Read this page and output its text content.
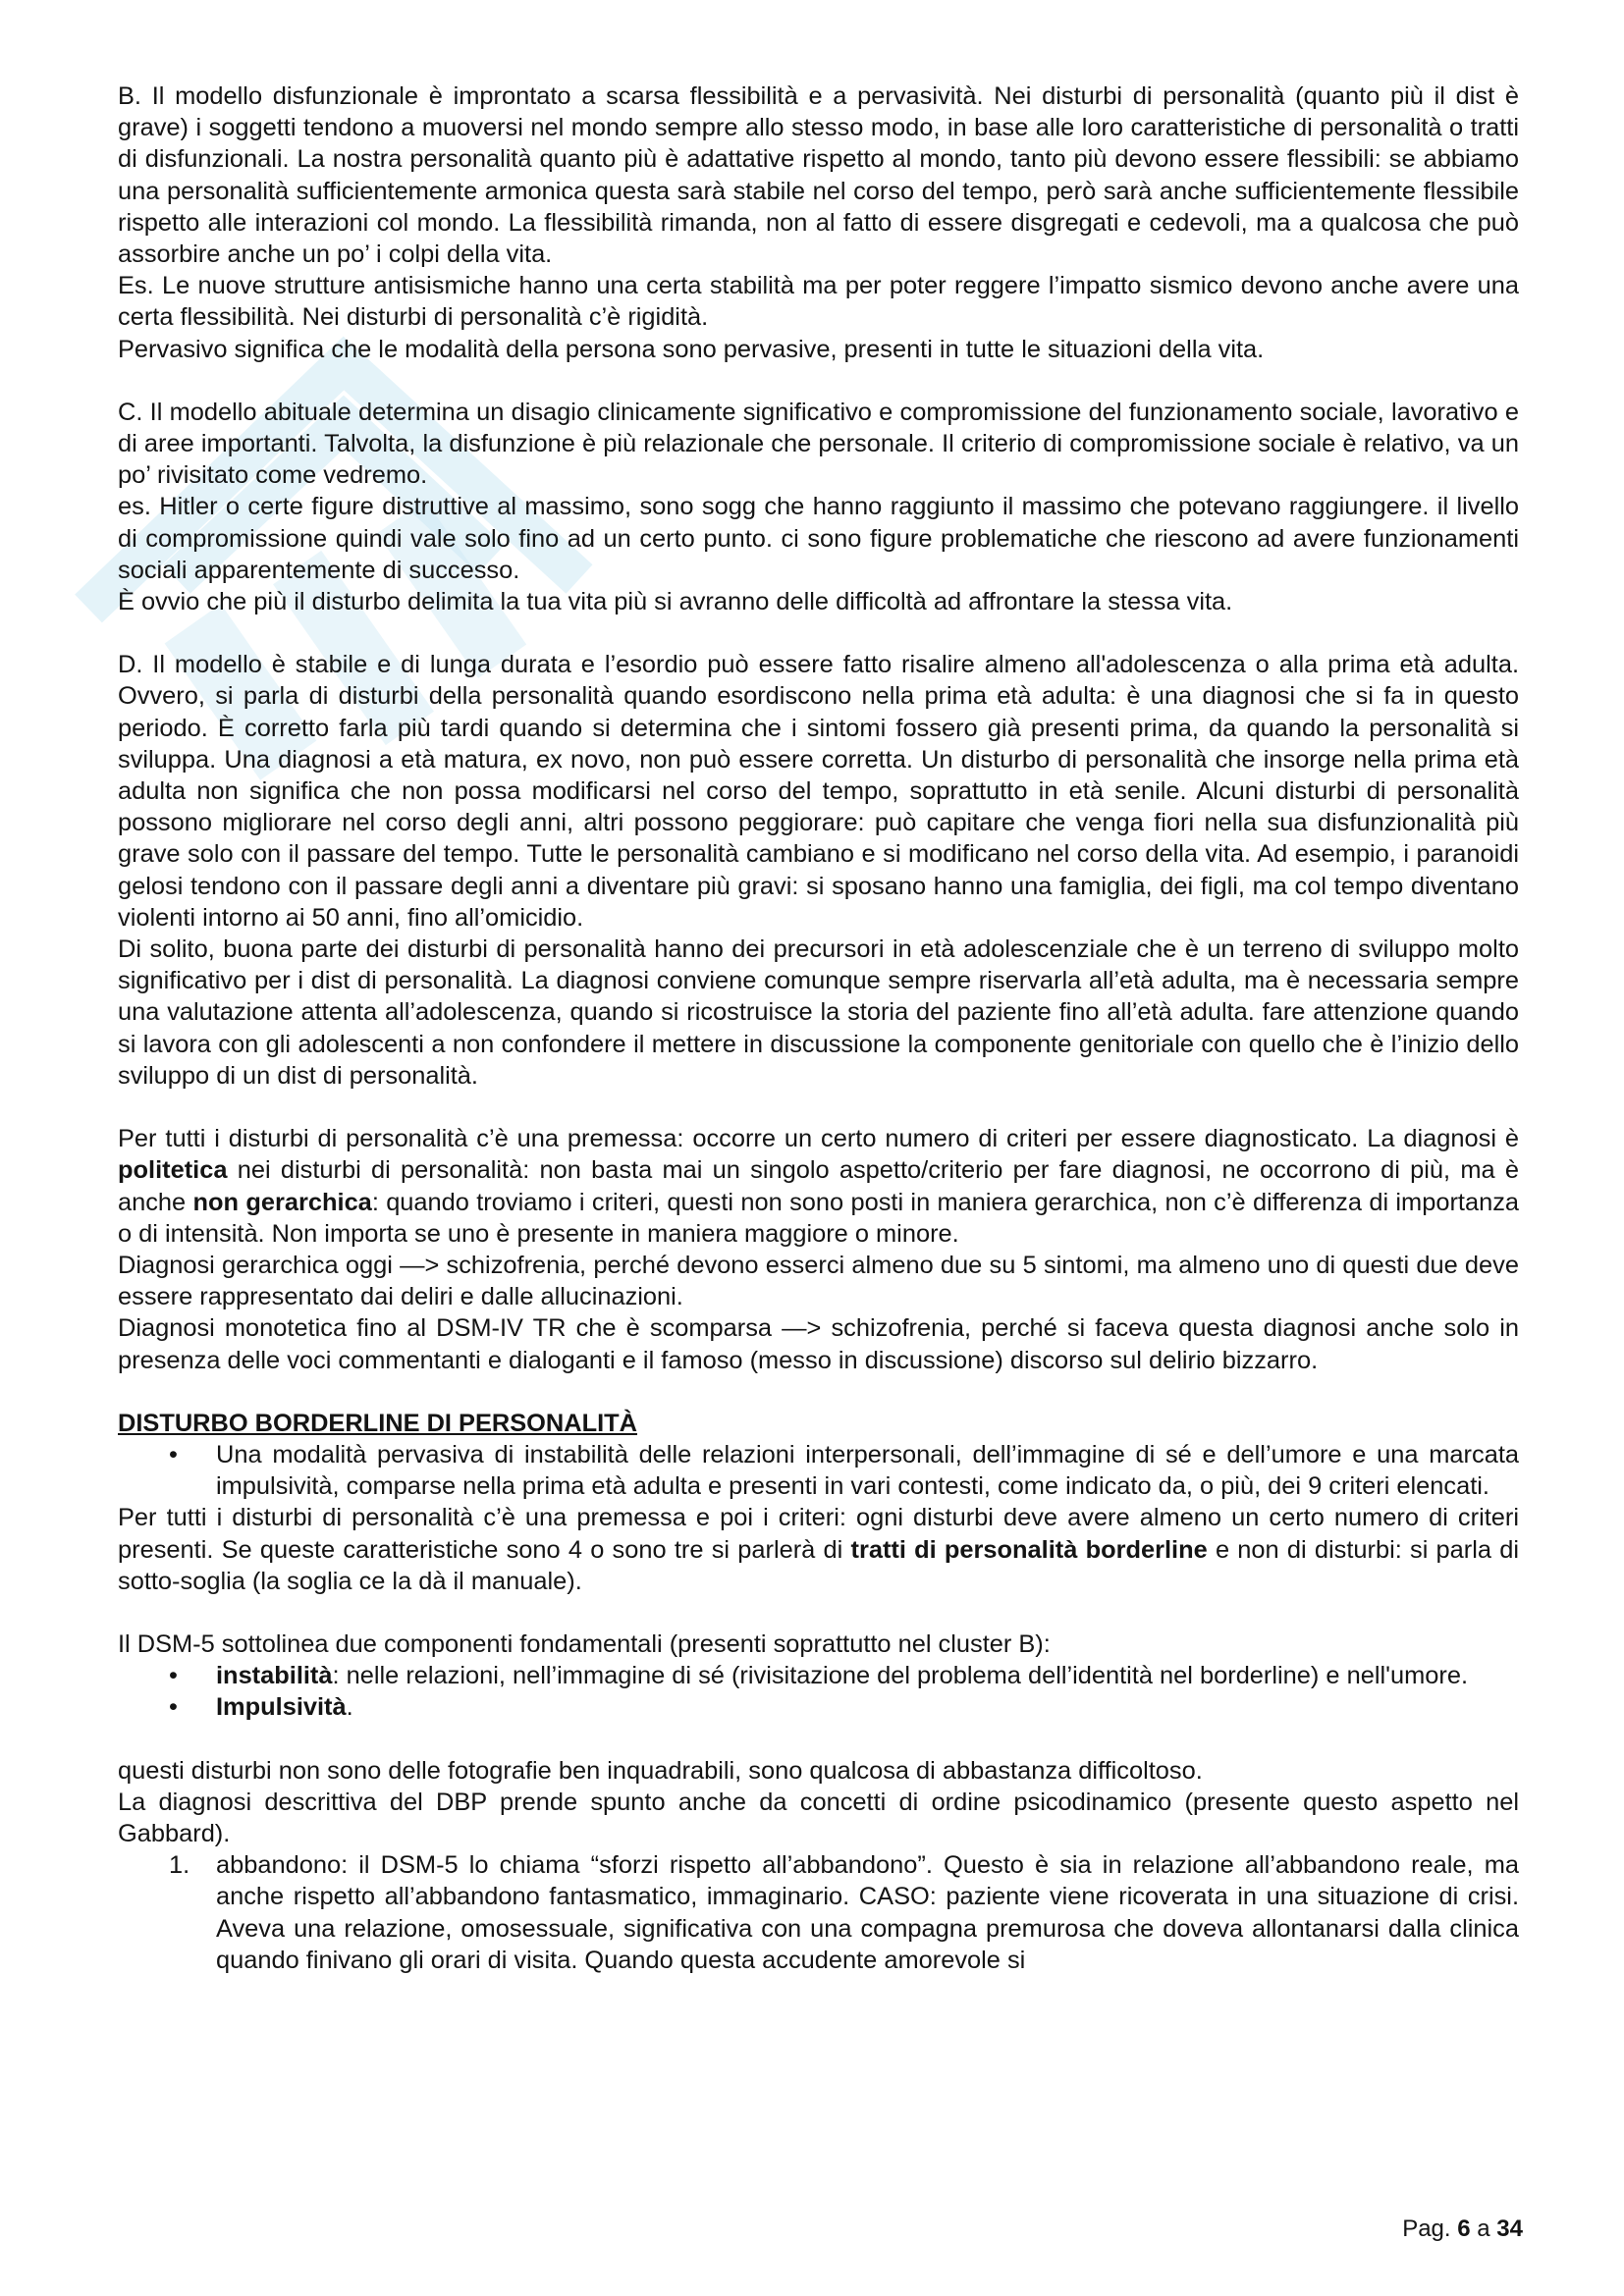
B. Il modello disfunzionale è improntato a scarsa flessibilità e a pervasività. Nei disturbi di personalità (quanto più il dist è grave) i soggetti tendono a muoversi nel mondo sempre allo stesso modo, in base alle loro caratteristiche di personalità o tratti di disfunzionali. La nostra personalità quanto più è adattative rispetto al mondo, tanto più devono essere flessibili: se abbiamo una personalità sufficientemente armonica questa sarà stabile nel corso del tempo, però sarà anche sufficientemente flessibile rispetto alle interazioni col mondo. La flessibilità rimanda, non al fatto di essere disgregati e cedevoli, ma a qualcosa che può assorbire anche un po’ i colpi della vita.

Es. Le nuove strutture antisismiche hanno una certa stabilità ma per poter reggere l’impatto sismico devono anche avere una certa flessibilità. Nei disturbi di personalità c’è rigidità.

Pervasivo significa che le modalità della persona sono pervasive, presenti in tutte le situazioni della vita.

C. Il modello abituale determina un disagio clinicamente significativo e compromissione del funzionamento sociale, lavorativo e di aree importanti. Talvolta, la disfunzione è più relazionale che personale. Il criterio di compromissione sociale è relativo, va un po’ rivisitato come vedremo.

es. Hitler o certe figure distruttive al massimo, sono sogg che hanno raggiunto il massimo che potevano raggiungere. il livello di compromissione quindi vale solo fino ad un certo punto. ci sono figure problematiche che riescono ad avere funzionamenti sociali apparentemente di successo.

È ovvio che più il disturbo delimita la tua vita più si avranno delle difficoltà ad affrontare la stessa vita.

D. Il modello è stabile e di lunga durata e l’esordio può essere fatto risalire almeno all'adolescenza o alla prima età adulta. Ovvero, si parla di disturbi della personalità quando esordiscono nella prima età adulta: è una diagnosi che si fa in questo periodo. È corretto farla più tardi quando si determina che i sintomi fossero già presenti prima, da quando la personalità si sviluppa. Una diagnosi a età matura, ex novo, non può essere corretta. Un disturbo di personalità che insorge nella prima età adulta non significa che non possa modificarsi nel corso del tempo, soprattutto in età senile. Alcuni disturbi di personalità possono migliorare nel corso degli anni, altri possono peggiorare: può capitare che venga fiori nella sua disfunzionalità più grave solo con il passare del tempo. Tutte le personalità cambiano e si modificano nel corso della vita. Ad esempio, i paranoidi gelosi tendono con il passare degli anni a diventare più gravi: si sposano hanno una famiglia, dei figli, ma col tempo diventano violenti intorno ai 50 anni, fino all’omicidio.

Di solito, buona parte dei disturbi di personalità hanno dei precursori in età adolescenziale che è un terreno di sviluppo molto significativo per i dist di personalità. La diagnosi conviene comunque sempre riservarla all’età adulta, ma è necessaria sempre una valutazione attenta all’adolescenza, quando si ricostruisce la storia del paziente fino all’età adulta. fare attenzione quando si lavora con gli adolescenti a non confondere il mettere in discussione la componente genitoriale con quello che è l’inizio dello sviluppo di un dist di personalità.

Per tutti i disturbi di personalità c’è una premessa: occorre un certo numero di criteri per essere diagnosticato. La diagnosi è politetica nei disturbi di personalità: non basta mai un singolo aspetto/criterio per fare diagnosi, ne occorrono di più, ma è anche non gerarchica: quando troviamo i criteri, questi non sono posti in maniera gerarchica, non c’è differenza di importanza o di intensità. Non importa se uno è presente in maniera maggiore o minore.

Diagnosi gerarchica oggi —> schizofrenia, perché devono esserci almeno due su 5 sintomi, ma almeno uno di questi due deve essere rappresentato dai deliri e dalle allucinazioni.

Diagnosi monotetica fino al DSM-IV TR che è scomparsa —> schizofrenia, perché si faceva questa diagnosi anche solo in presenza delle voci commentanti e dialoganti e il famoso (messo in discussione) discorso sul delirio bizzarro.

DISTURBO BORDERLINE DI PERSONALITÀ

• Una modalità pervasiva di instabilità delle relazioni interpersonali, dell’immagine di sé e dell’umore e una marcata impulsività, comparse nella prima età adulta e presenti in vari contesti, come indicato da, o più, dei 9 criteri elencati.

Per tutti i disturbi di personalità c’è una premessa e poi i criteri: ogni disturbi deve avere almeno un certo numero di criteri presenti. Se queste caratteristiche sono 4 o sono tre si parlerà di tratti di personalità borderline e non di disturbi: si parla di sotto-soglia (la soglia ce la dà il manuale).

Il DSM-5 sottolinea due componenti fondamentali (presenti soprattutto nel cluster B):

• instabilità: nelle relazioni, nell’immagine di sé (rivisitazione del problema dell’identità nel borderline) e nell'umore.
• Impulsività.

questi disturbi non sono delle fotografie ben inquadrabili, sono qualcosa di abbastanza difficoltoso.

La diagnosi descrittiva del DBP prende spunto anche da concetti di ordine psicodinamico (presente questo aspetto nel Gabbard).

1. abbandono: il DSM-5 lo chiama “sforzi rispetto all’abbandono”. Questo è sia in relazione all’abbandono reale, ma anche rispetto all’abbandono fantasmatico, immaginario. CASO: paziente viene ricoverata in una situazione di crisi. Aveva una relazione, omosessuale, significativa con una compagna premurosa che doveva allontanarsi dalla clinica quando finivano gli orari di visita. Quando questa accudente amorevole si
Pag. 6 a 34
